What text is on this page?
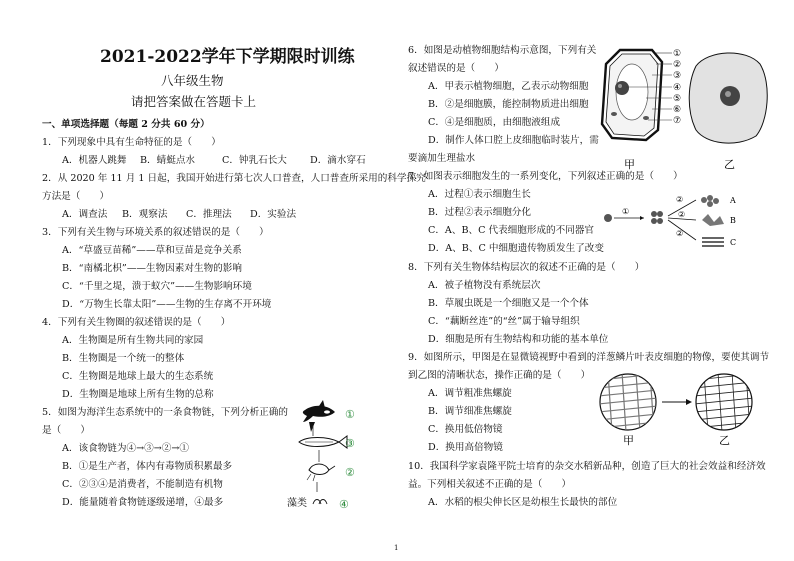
2021-2022学年下学期限时训练
八年级生物
请把答案做在答题卡上
一、单项选择题（每题 2 分共 60 分）
1．下列现象中具有生命特征的是（　　）
A．机器人跳舞 B．蜻蜓点水	C．钟乳石长大 D．滴水穿石
2．从 2020 年 11 月 1 日起，我国开始进行第七次人口普查，人口普查所采用的科学探究
方法是（　　）
A．调查法 B．观察法 C．推理法 D．实验法
3．下列有关生物与环境关系的叙述错误的是（　　）
A．“草盛豆苗稀”——草和豆苗是竞争关系
B．“南橘北枳”——生物因素对生物的影响
C．“千里之堤，溃于蚁穴”——生物影响环境
D．“万物生长靠太阳”——生物的生存离不开环境
4．下列有关生物圈的叙述错误的是（　　）
A．生物圈是所有生物共同的家园
B．生物圈是一个统一的整体
C．生物圈是地球上最大的生态系统
D．生物圈是地球上所有生物的总称
5．如图为海洋生态系统中的一条食物链，下列分析正确的
是（　　）
A．该食物链为④→③→②→①
B．①是生产者，体内有毒物质积累最多
C．②③④是消费者，不能制造有机物
D．能量随着食物链逐级递增，④最多
①
③
②
藻类	④
6．如图是动植物细胞结构示意图，下列有关
叙述错误的是（　　）
A．甲表示植物细胞，乙表示动物细胞
B．②是细胞膜，能控制物质进出细胞
C．④是细胞质，由细胞液组成
D．制作人体口腔上皮细胞临时装片，需
要滴加生理盐水
①
②
③
④
⑤
⑥
⑦
甲	乙
7．如图表示细胞发生的一系列变化，下列叙述正确的是（　　）
A．过程①表示细胞生长
B．过程②表示细胞分化
C．A、B、C 代表细胞形成的不同器官
D．A、B、C 中细胞遗传物质发生了改变
①
②
②
②
A
B
C
8．下列有关生物体结构层次的叙述不正确的是（　　）
A．被子植物没有系统层次
B．草履虫既是一个细胞又是一个个体
C．“藕断丝连”的“丝”属于输导组织
D．细胞是所有生物结构和功能的基本单位
9．如图所示，甲图是在显微镜视野中看到的洋葱鳞片叶表皮细胞的物像，要使其调节
到乙图的清晰状态，操作正确的是（　　）
A．调节粗准焦螺旋
B．调节细准焦螺旋
C．换用低倍物镜
D．换用高倍物镜
甲	乙
10．我国科学家袁隆平院士培育的杂交水稻新品种，创造了巨大的社会效益和经济效
益。下列相关叙述不正确的是（　　）
A．水稻的根尖伸长区是幼根生长最快的部位
1
